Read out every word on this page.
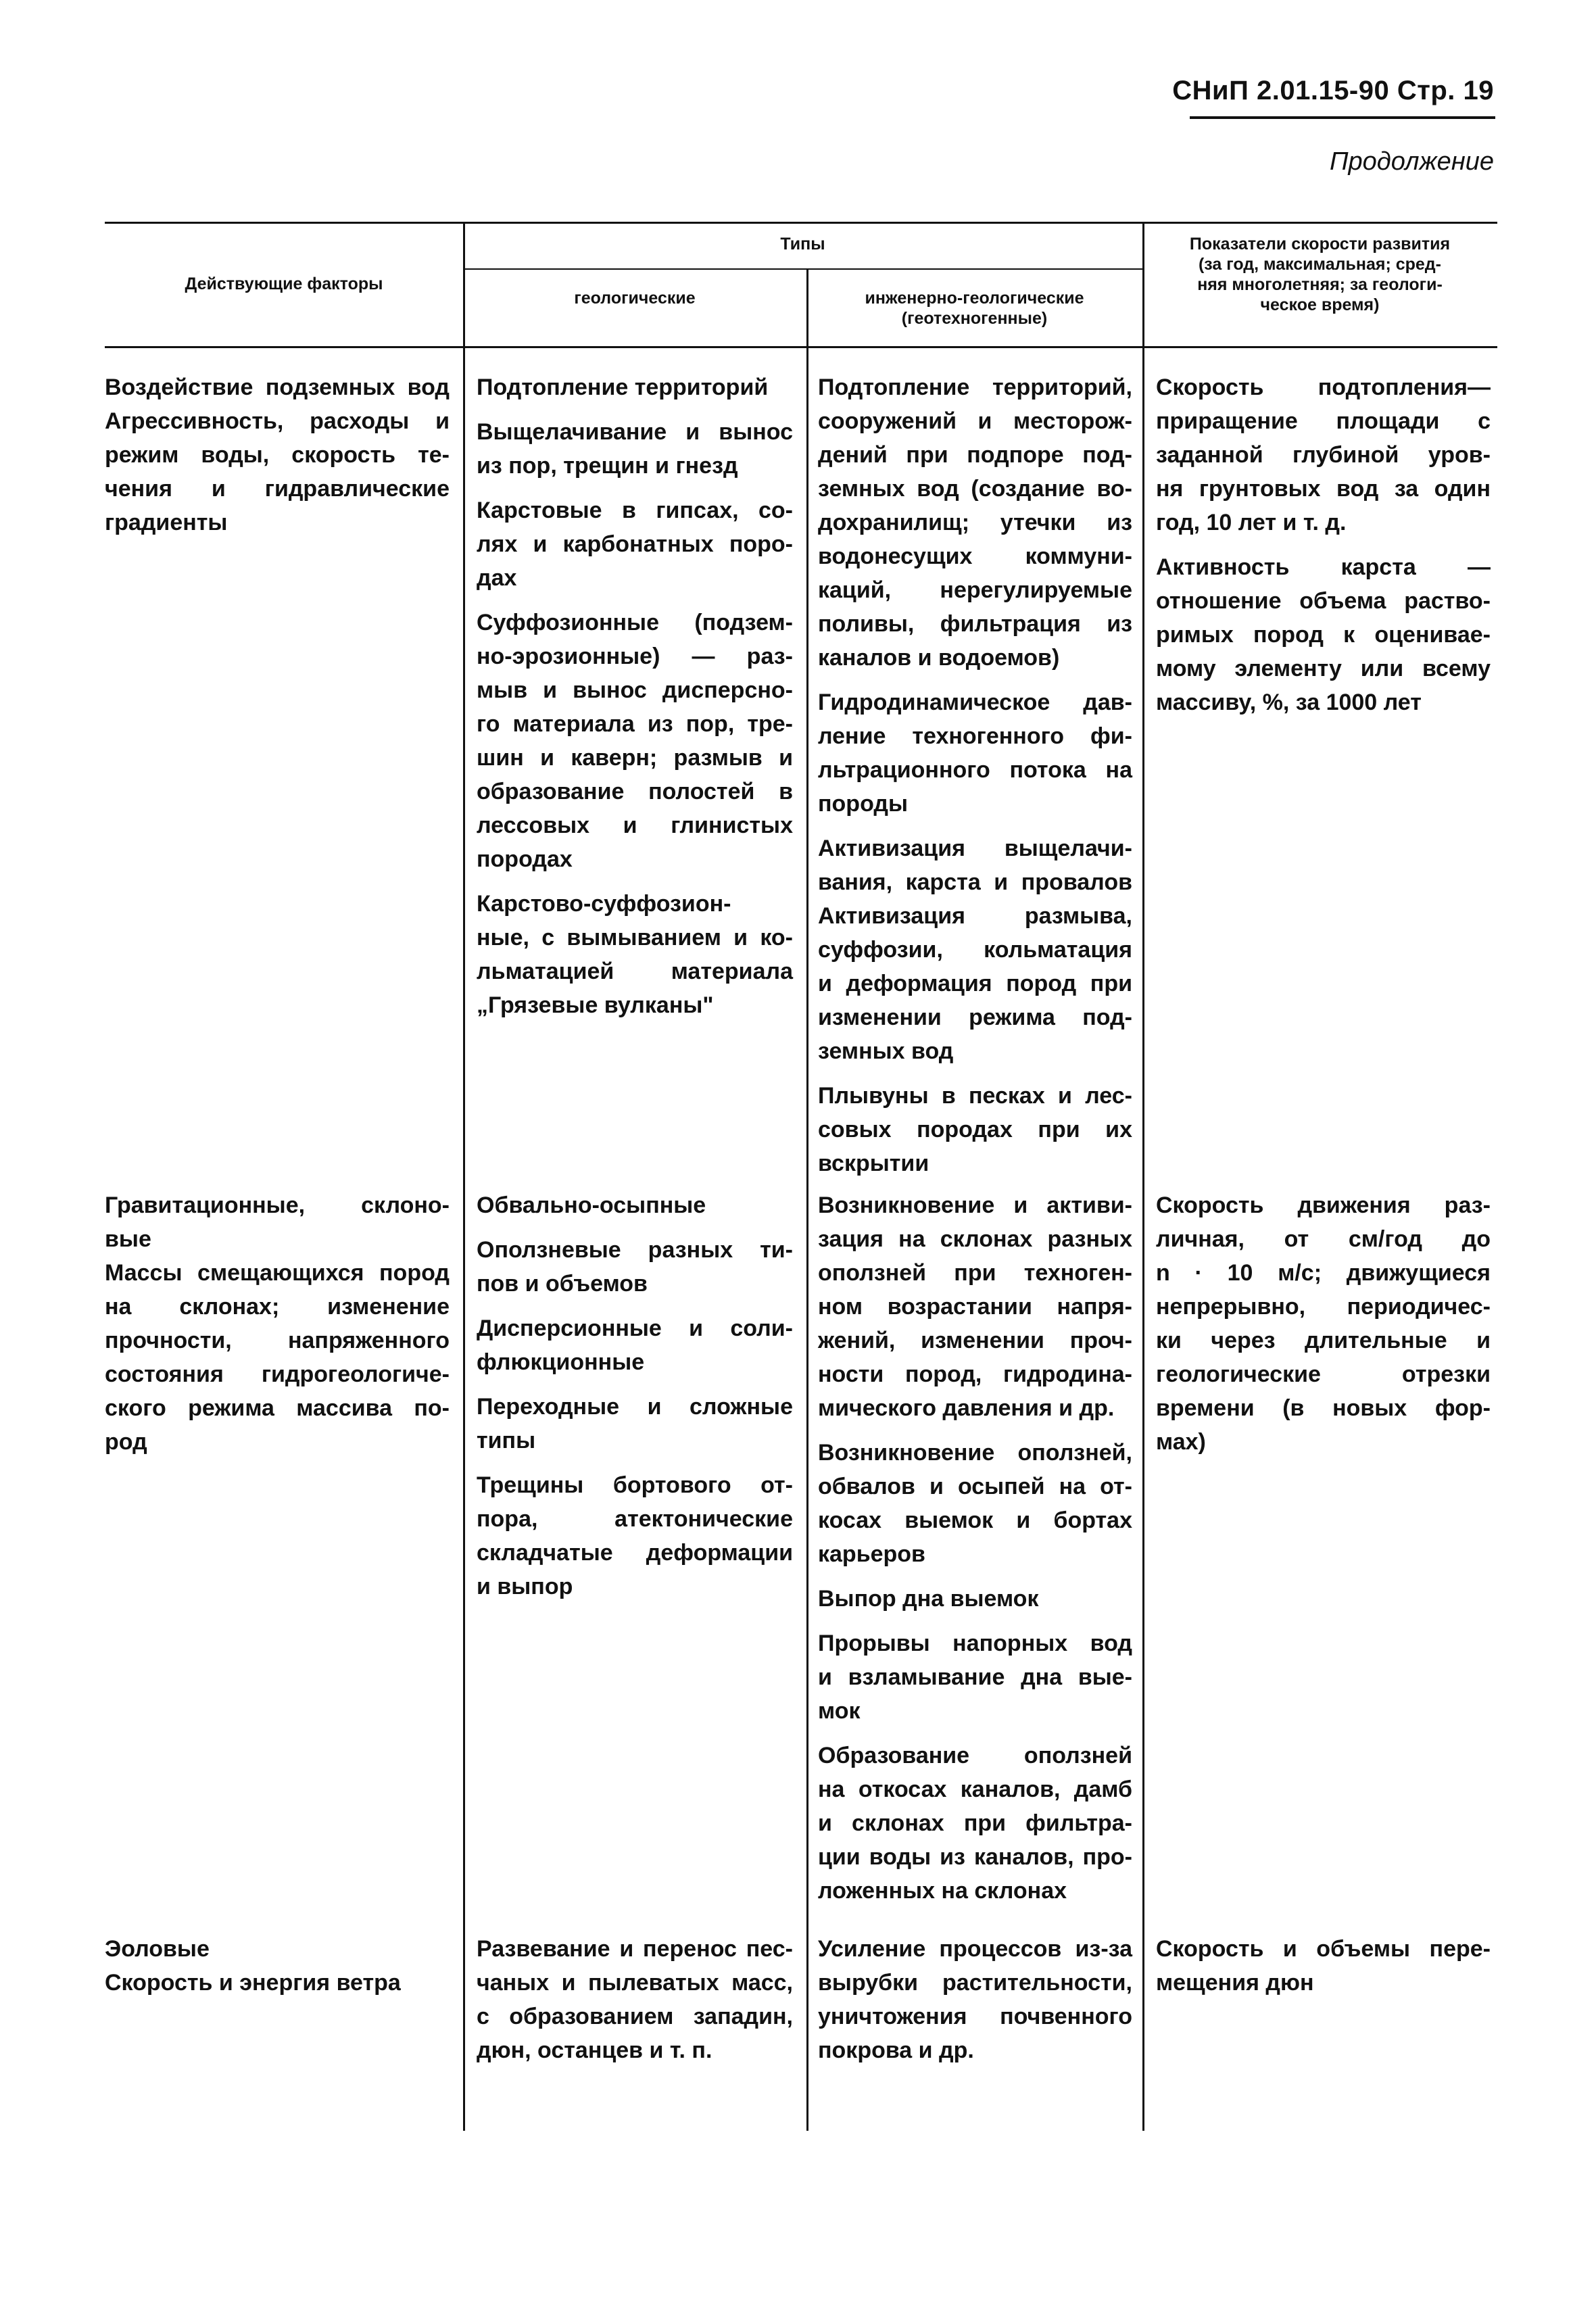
СНиП 2.01.15-90 Стр. 19
Продолжение
Действующие факторы
Типы
геологические	инженерно-геологические
(геотехногенные)
Показатели скорости развития
(за год, максимальная; сред-
няя многолетняя; за геологи-
ческое время)
Воздействие подземных вод
Агрессивность, расходы и
режим воды, скорость те-
чения и гидравлические
градиенты
Подтопление территорий
Выщелачивание и вынос
из пор, трещин и гнезд
Карстовые в гипсах, со-
лях и карбонатных поро-
дах
Суффозионные (подзем-
но-эрозионные) — раз-
мыв и вынос дисперсно-
го материала из пор, тре-
шин и каверн; размыв и
образование полостей в
лессовых и глинистых
породах
Карстово-суффозион-
ные, с вымыванием и ко-
льматацией материала
„Грязевые вулканы"
Подтопление территорий,
сооружений и месторож-
дений при подпоре под-
земных вод (создание во-
дохранилищ; утечки из
водонесущих коммуни-
каций, нерегулируемые
поливы, фильтрация из
каналов и водоемов)
Гидродинамическое дав-
ление техногенного фи-
льтрационного потока на
породы
Активизация выщелачи-
вания, карста и провалов
Активизация размыва,
суффозии, кольматация
и деформация пород при
изменении режима под-
земных вод
Плывуны в песках и лес-
совых породах при их
вскрытии
Скорость подтопления—
приращение площади с
заданной глубиной уров-
ня грунтовых вод за один
год, 10 лет и т. д.
Активность карста —
отношение объема раство-
римых пород к оценивае-
мому элементу или всему
массиву, %, за 1000 лет
Гравитационные, склоно-
вые
Массы смещающихся пород
на склонах; изменение
прочности, напряженного
состояния гидрогеологиче-
ского режима массива по-
род
Обвально-осыпные
Оползневые разных ти-
пов и объемов
Дисперсионные и соли-
флюкционные
Переходные и сложные
типы
Трещины бортового от-
пора, атектонические
складчатые деформации
и выпор
Возникновение и активи-
зация на склонах разных
оползней при техноген-
ном возрастании напря-
жений, изменении проч-
ности пород, гидродина-
мического давления и др.
Возникновение оползней,
обвалов и осыпей на от-
косах выемок и бортах
карьеров
Выпор дна выемок
Прорывы напорных вод
и взламывание дна вые-
мок
Образование оползней
на откосах каналов, дамб
и склонах при фильтра-
ции воды из каналов, про-
ложенных на склонах
Скорость движения раз-
личная, от см/год до
n · 10 м/с; движущиеся
непрерывно, периодичес-
ки через длительные и
геологические отрезки
времени (в новых фор-
мах)
Эоловые
Скорость и энергия ветра
Развевание и перенос пес-
чаных и пылеватых масс,
с образованием западин,
дюн, останцев и т. п.
Усиление процессов из-за
вырубки растительности,
уничтожения почвенного
покрова и др.
Скорость и объемы пере-
мещения дюн
